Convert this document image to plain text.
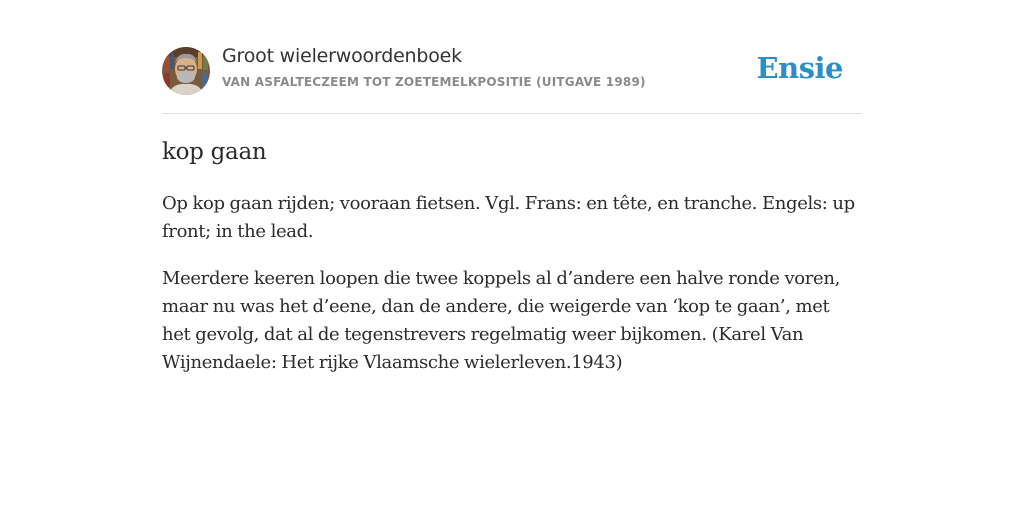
Groot wielerwoordenboek
VAN ASFALTECZEEM TOT ZOETEMELKPOSITIE (UITGAVE 1989)	Ensie
kop gaan
Op kop gaan rijden; vooraan fietsen. Vgl. Frans: en tête, en tranche. Engels: up front; in the lead.
Meerdere keeren loopen die twee koppels al d’andere een halve ronde voren, maar nu was het d’eene, dan de andere, die weigerde van ‘kop te gaan’, met het gevolg, dat al de tegenstrevers regelmatig weer bijkomen. (Karel Van Wijnendaele: Het rijke Vlaamsche wielerleven.1943)
